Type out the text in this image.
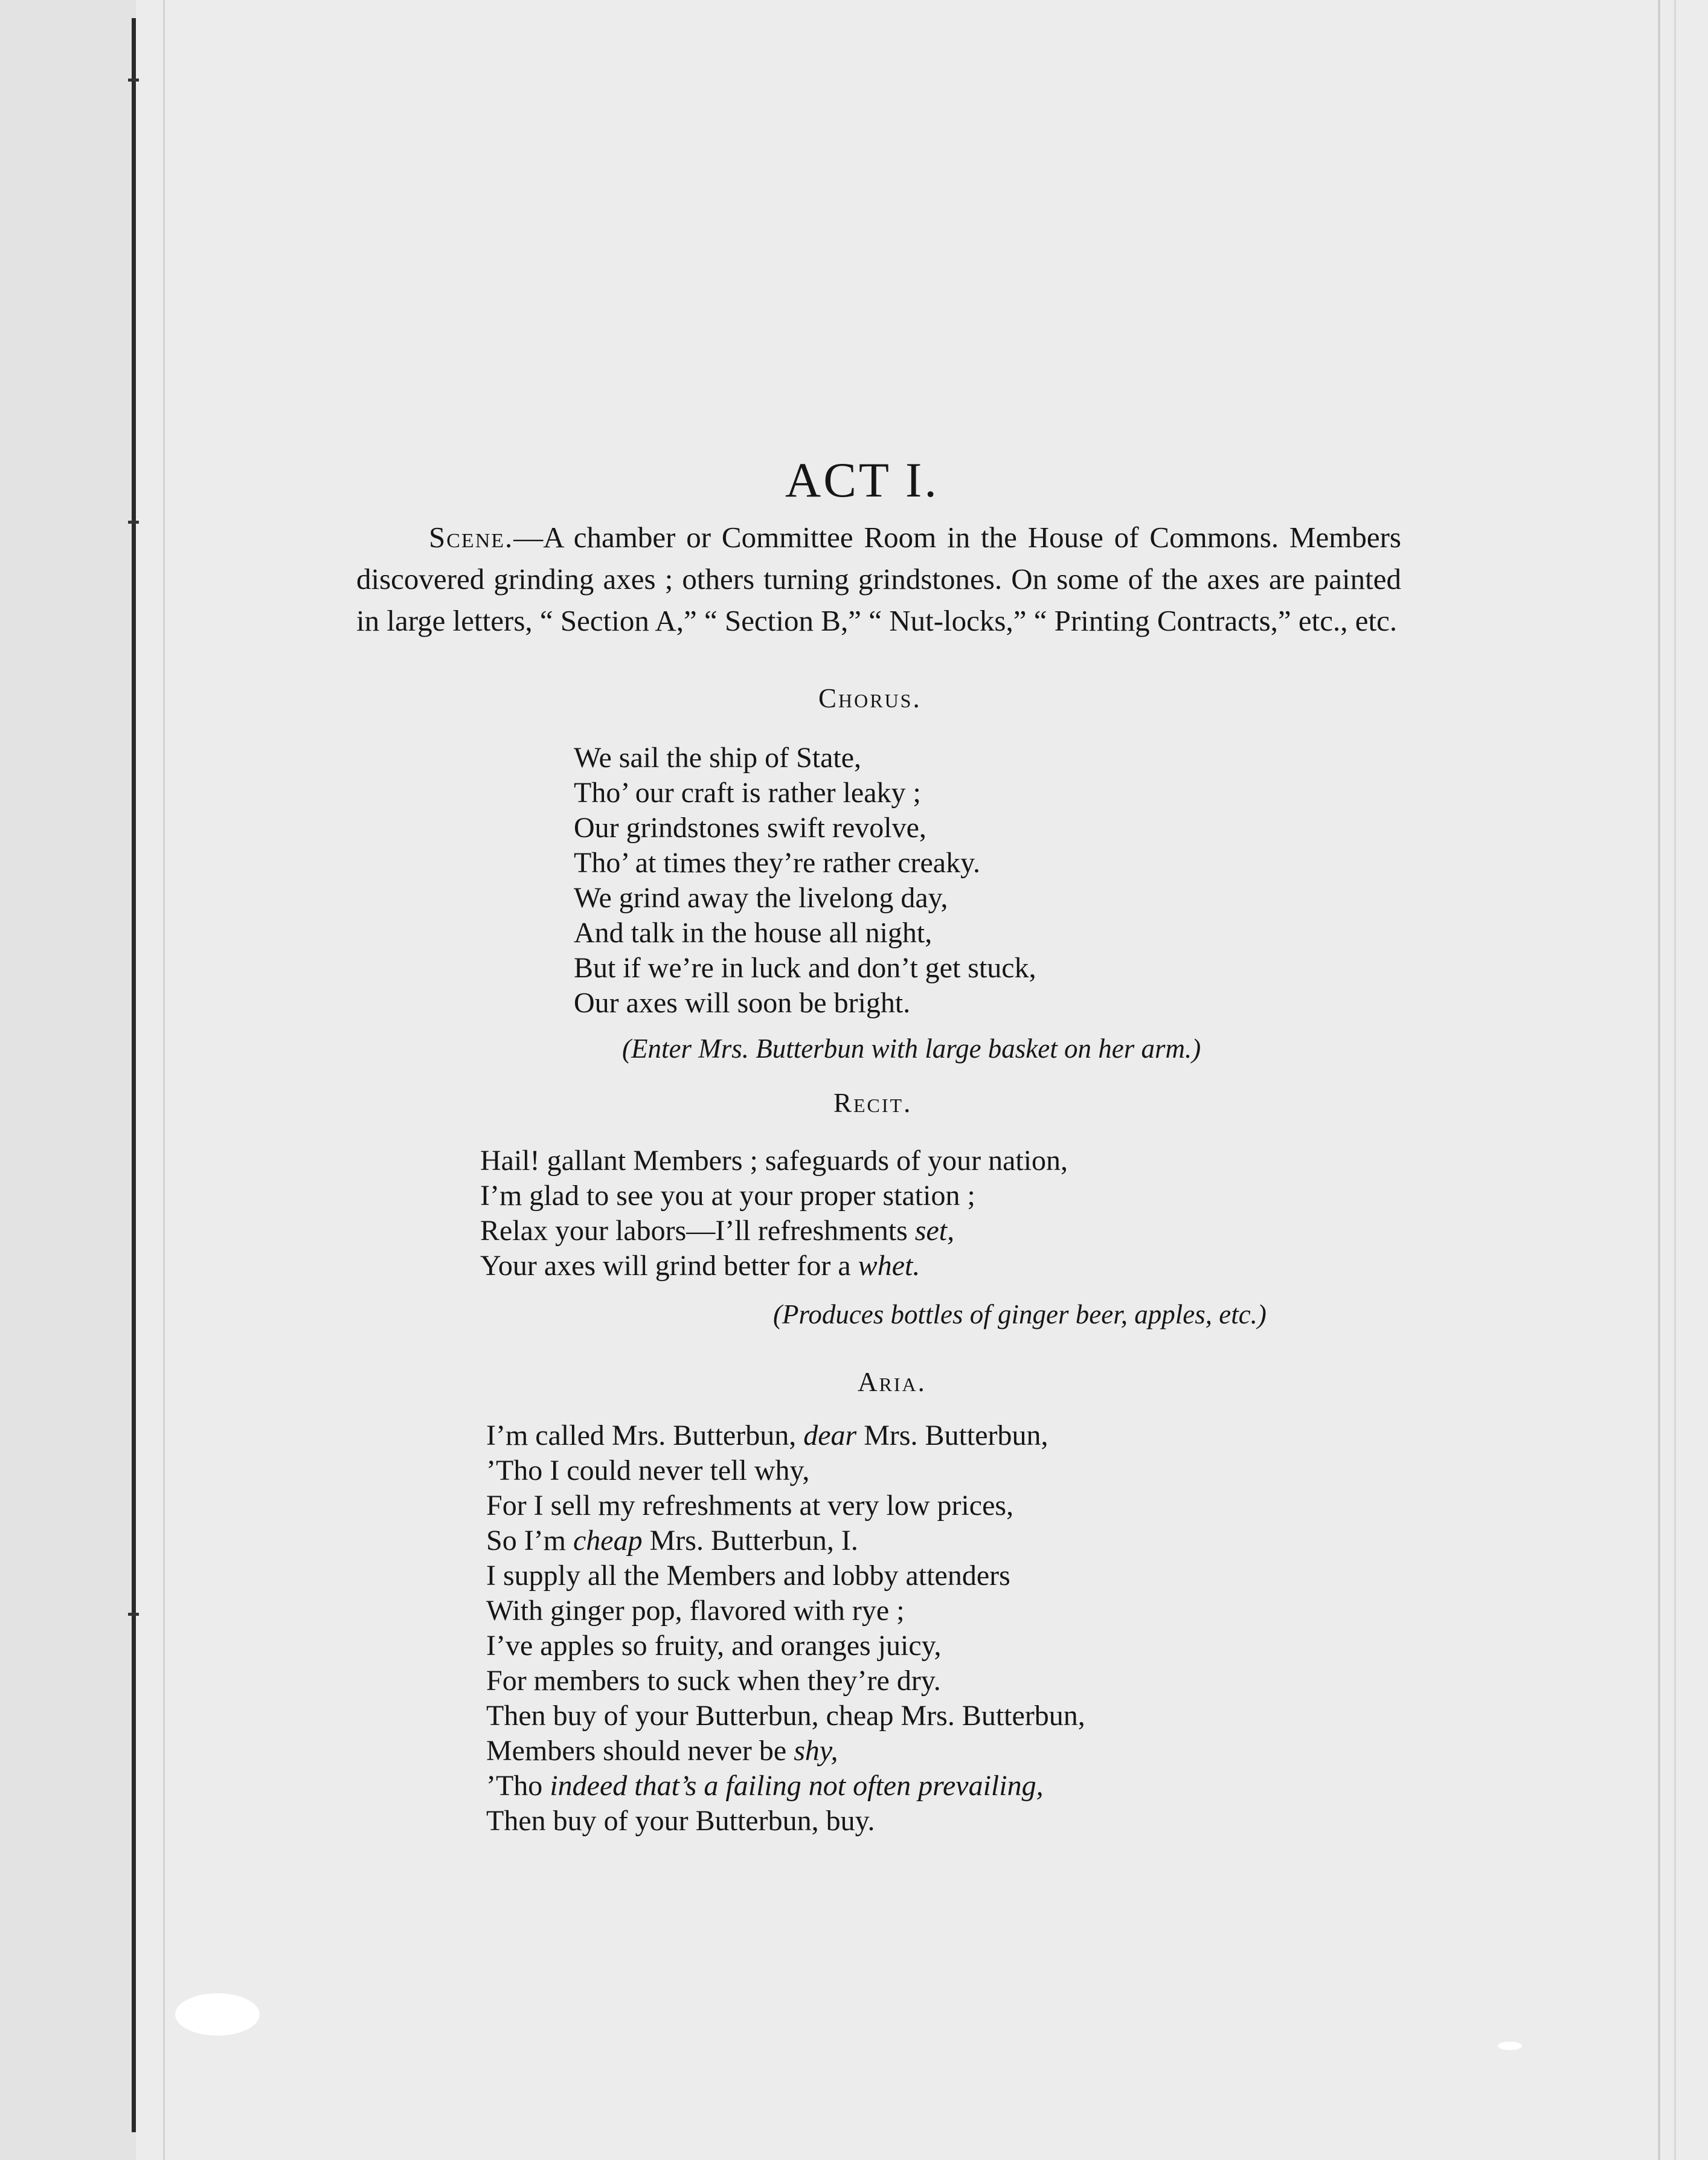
ACT I.

Scene.—A chamber or Committee Room in the House of Commons. Members discovered grinding axes ; others turning grindstones. On some of the axes are painted in large letters, “ Section A,” “ Section B,” “ Nut-locks,” “ Printing Contracts,” etc., etc.

Chorus.
We sail the ship of State,
Tho’ our craft is rather leaky ;
Our grindstones swift revolve,
Tho’ at times they’re rather creaky.
We grind away the livelong day,
And talk in the house all night,
But if we’re in luck and don’t get stuck,
Our axes will soon be bright.
(Enter Mrs. Butterbun with large basket on her arm.)
Recit.
Hail! gallant Members ; safeguards of your nation,
I’m glad to see you at your proper station ;
Relax your labors—I’ll refreshments set,
Your axes will grind better for a whet.
(Produces bottles of ginger beer, apples, etc.)
Aria.
I’m called Mrs. Butterbun, dear Mrs. Butterbun,
’Tho I could never tell why,
For I sell my refreshments at very low prices,
So I’m cheap Mrs. Butterbun, I.
I supply all the Members and lobby attenders
With ginger pop, flavored with rye ;
I’ve apples so fruity, and oranges juicy,
For members to suck when they’re dry.
Then buy of your Butterbun, cheap Mrs. Butterbun,
Members should never be shy,
’Tho indeed that’s a failing not often prevailing,
Then buy of your Butterbun, buy.
